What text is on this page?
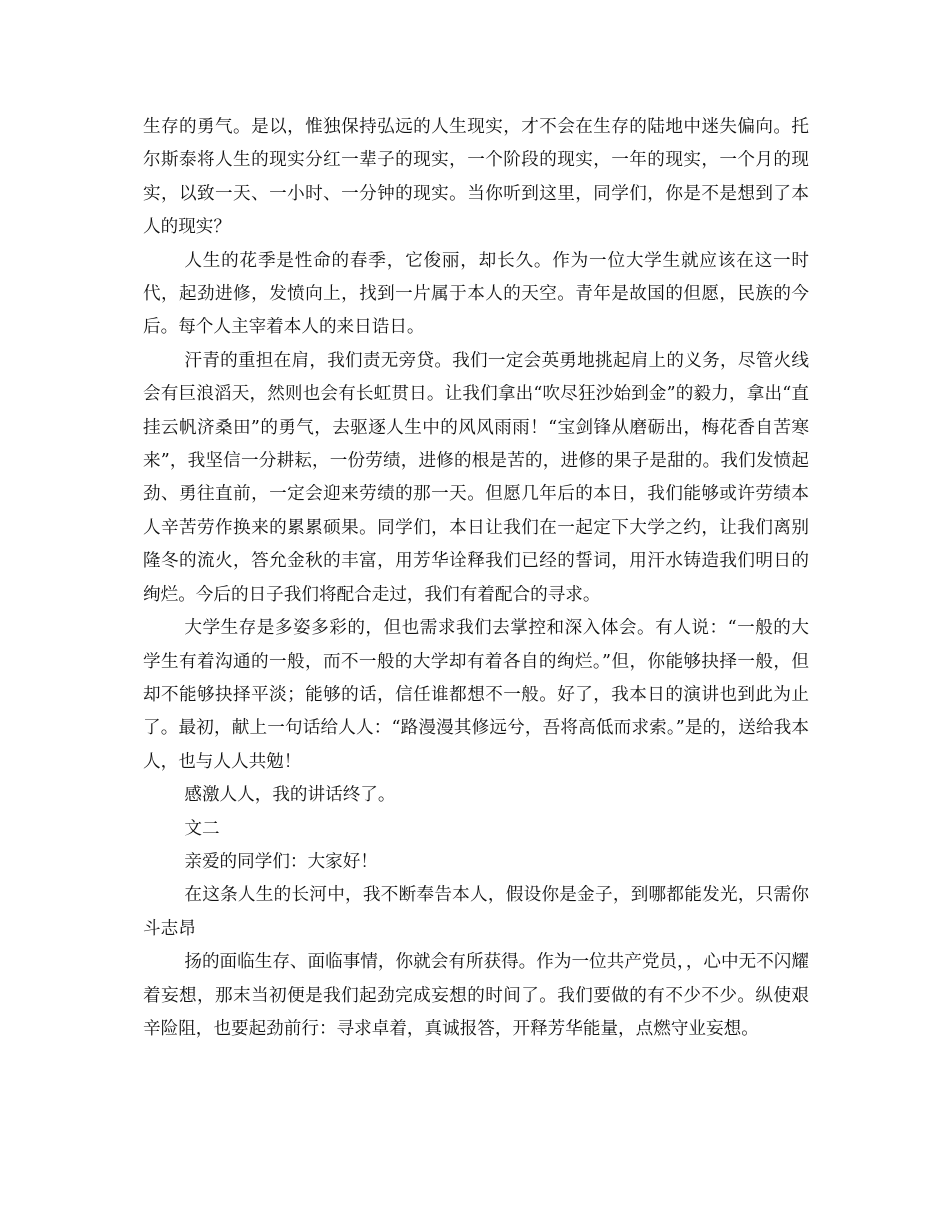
生存的勇气。是以，惟独保持弘远的人生现实，才不会在生存的陆地中迷失偏向。托尔斯泰将人生的现实分红一辈子的现实，一个阶段的现实，一年的现实，一个月的现实，以致一天、一小时、一分钟的现实。当你听到这里，同学们，你是不是想到了本人的现实？

人生的花季是性命的春季，它俊丽，却长久。作为一位大学生就应该在这一时代，起劲进修，发愤向上，找到一片属于本人的天空。青年是故国的但愿，民族的今后。每个人主宰着本人的来日诰日。

汗青的重担在肩，我们责无旁贷。我们一定会英勇地挑起肩上的义务，尽管火线会有巨浪滔天，然则也会有长虹贯日。让我们拿出“吹尽狂沙始到金”的毅力，拿出“直挂云帆济桑田”的勇气，去驱逐人生中的风风雨雨！“宝剑锋从磨砺出，梅花香自苦寒来”，我坚信一分耕耘，一份劳绩，进修的根是苦的，进修的果子是甜的。我们发愤起劲、勇往直前，一定会迎来劳绩的那一天。但愿几年后的本日，我们能够或许劳绩本人辛苦劳作换来的累累硕果。同学们，本日让我们在一起定下大学之约，让我们离别隆冬的流火，答允金秋的丰富，用芳华诠释我们已经的誓词，用汗水铸造我们明日的绚烂。今后的日子我们将配合走过，我们有着配合的寻求。

大学生存是多姿多彩的，但也需求我们去掌控和深入体会。有人说：“一般的大学生有着沟通的一般，而不一般的大学却有着各自的绚烂。”但，你能够抉择一般，但却不能够抉择平淡；能够的话，信任谁都想不一般。好了，我本日的演讲也到此为止了。最初，献上一句话给人人：“路漫漫其修远兮，吾将高低而求索。”是的，送给我本人，也与人人共勉！

感激人人，我的讲话终了。

文二

亲爱的同学们：大家好！

在这条人生的长河中，我不断奉告本人，假设你是金子，到哪都能发光，只需你斗志昂

扬的面临生存、面临事情，你就会有所获得。作为一位共产党员，，心中无不闪耀着妄想，那末当初便是我们起劲完成妄想的时间了。我们要做的有不少不少。纵使艰辛险阻，也要起劲前行：寻求卓着，真诚报答，开释芳华能量，点燃守业妄想。
